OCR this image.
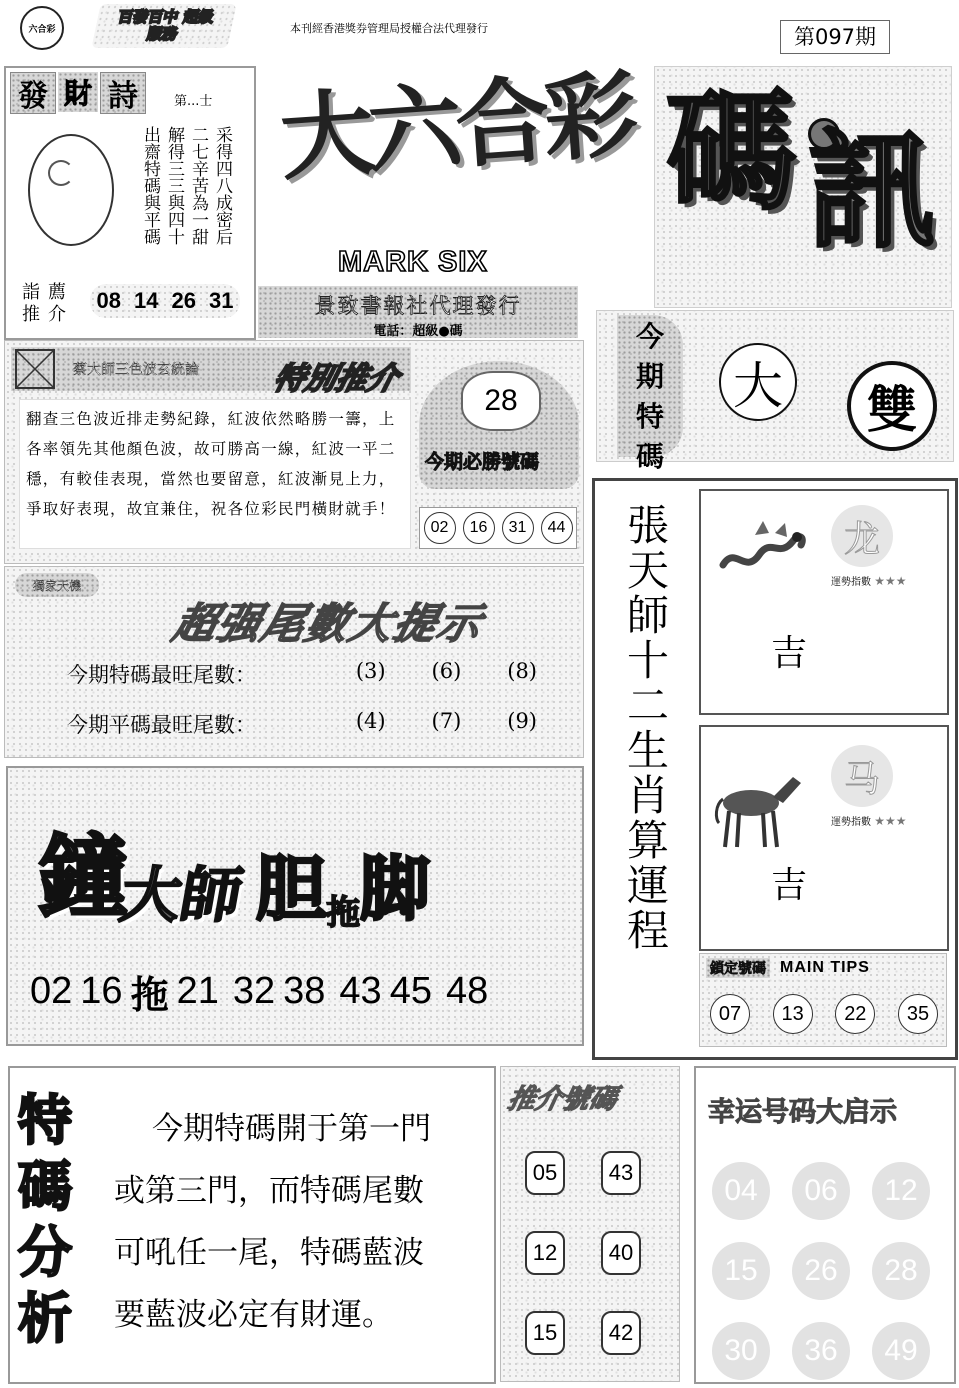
六合彩
百發百中 超級服務	本刊經香港獎券管理局授權合法代理發行	第097期
發 財 詩	第...士
采得四八成密后
二七辛苦為一甜
解得三三與四十
出齋特碼與平碼
詣 薦
推 介
08 14 26 31
大六合彩 碼 訊
MARK SIX
景致書報社代理發行
電話：超級●碼	今
期
特
碼
大 雙
蔡大師三色波玄統論 特別推介
翻查三色波近排走勢紀錄，紅波依然略勝一籌，上各率領先其他顏色波，故可勝高一線，紅波一平二穩，有較佳表現，當然也要留意，紅波漸見上力，爭取好表現，故宜兼住，祝各位彩民門橫財就手！
28
今期必勝號碼
02	16	31	44
獨家天機
超强尾數大提示
今期特碼最旺尾數：	(3)	(6)	(8)
今期平碼最旺尾數：	(4)	(7)	(9)	張天師十二生肖算運程	龙
運勢指數 ★★★
吉
马
運勢指數 ★★★
吉
鎖定號碼 MAIN TIPS
07	13	22	35
鐘
大師 胆 拖 脚
02 16 拖 21 32 38 43 45 48
特
碼
分
析
今期特碼開于第一門
或第三門，而特碼尾數
可吼任一尾，特碼藍波
要藍波必定有財運。
推介號碼
05	43
12	40
15	42
幸运号码大启示
04	06	12
15	26	28
30	36	49
